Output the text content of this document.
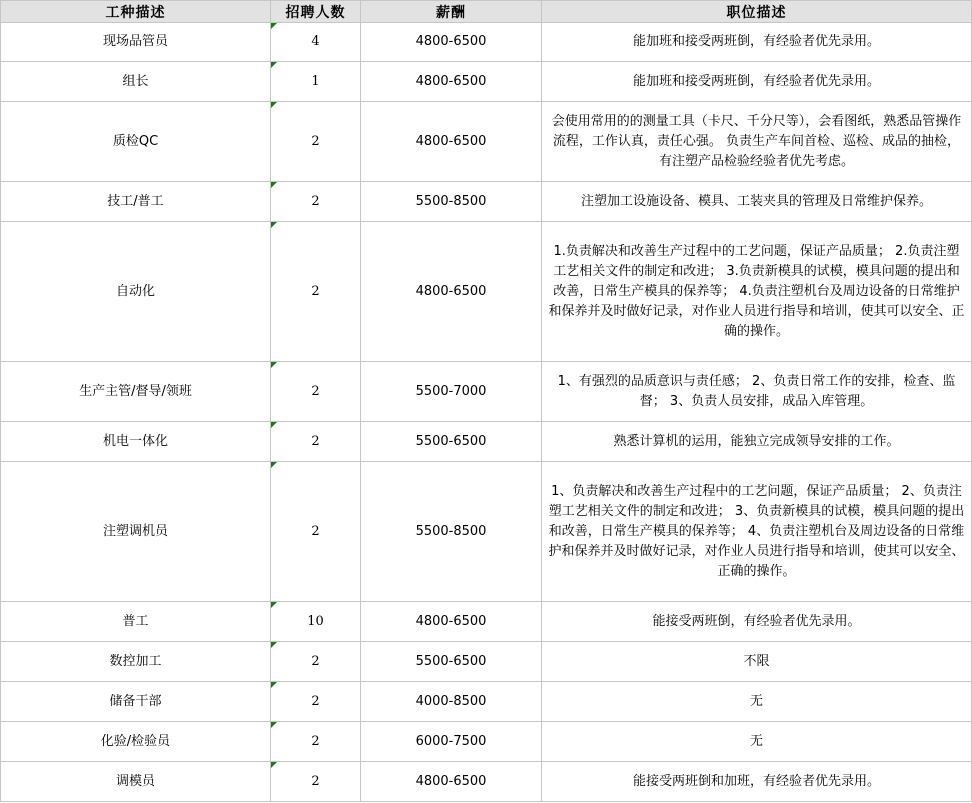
工种描述	招聘人数	薪酬	职位描述
现场品管员	4	4800-6500	能加班和接受两班倒，有经验者优先录用。
组长	1	4800-6500	能加班和接受两班倒，有经验者优先录用。
质检QC	2	4800-6500	会使用常用的的测量工具（卡尺、千分尺等），会看图纸，熟悉品管操作流程，工作认真，责任心强。 负责生产车间首检、巡检、成品的抽检，有注塑产品检验经验者优先考虑。
技工/普工	2	5500-8500	注塑加工设施设备、模具、工装夹具的管理及日常维护保养。
自动化	2	4800-6500	1.负责解决和改善生产过程中的工艺问题，保证产品质量； 2.负责注塑工艺相关文件的制定和改进； 3.负责新模具的试模，模具问题的提出和改善，日常生产模具的保养等； 4.负责注塑机台及周边设备的日常维护和保养并及时做好记录，对作业人员进行指导和培训，使其可以安全、正确的操作。
生产主管/督导/领班	2	5500-7000	1、有强烈的品质意识与责任感； 2、负责日常工作的安排，检查、监督； 3、负责人员安排，成品入库管理。
机电一体化	2	5500-6500	熟悉计算机的运用，能独立完成领导安排的工作。
注塑调机员	2	5500-8500	1、负责解决和改善生产过程中的工艺问题，保证产品质量； 2、负责注塑工艺相关文件的制定和改进； 3、负责新模具的试模，模具问题的提出和改善，日常生产模具的保养等； 4、负责注塑机台及周边设备的日常维护和保养并及时做好记录，对作业人员进行指导和培训，使其可以安全、正确的操作。
普工	10	4800-6500	能接受两班倒，有经验者优先录用。
数控加工	2	5500-6500	不限
储备干部	2	4000-8500	无
化验/检验员	2	6000-7500	无
调模员	2	4800-6500	能接受两班倒和加班，有经验者优先录用。
